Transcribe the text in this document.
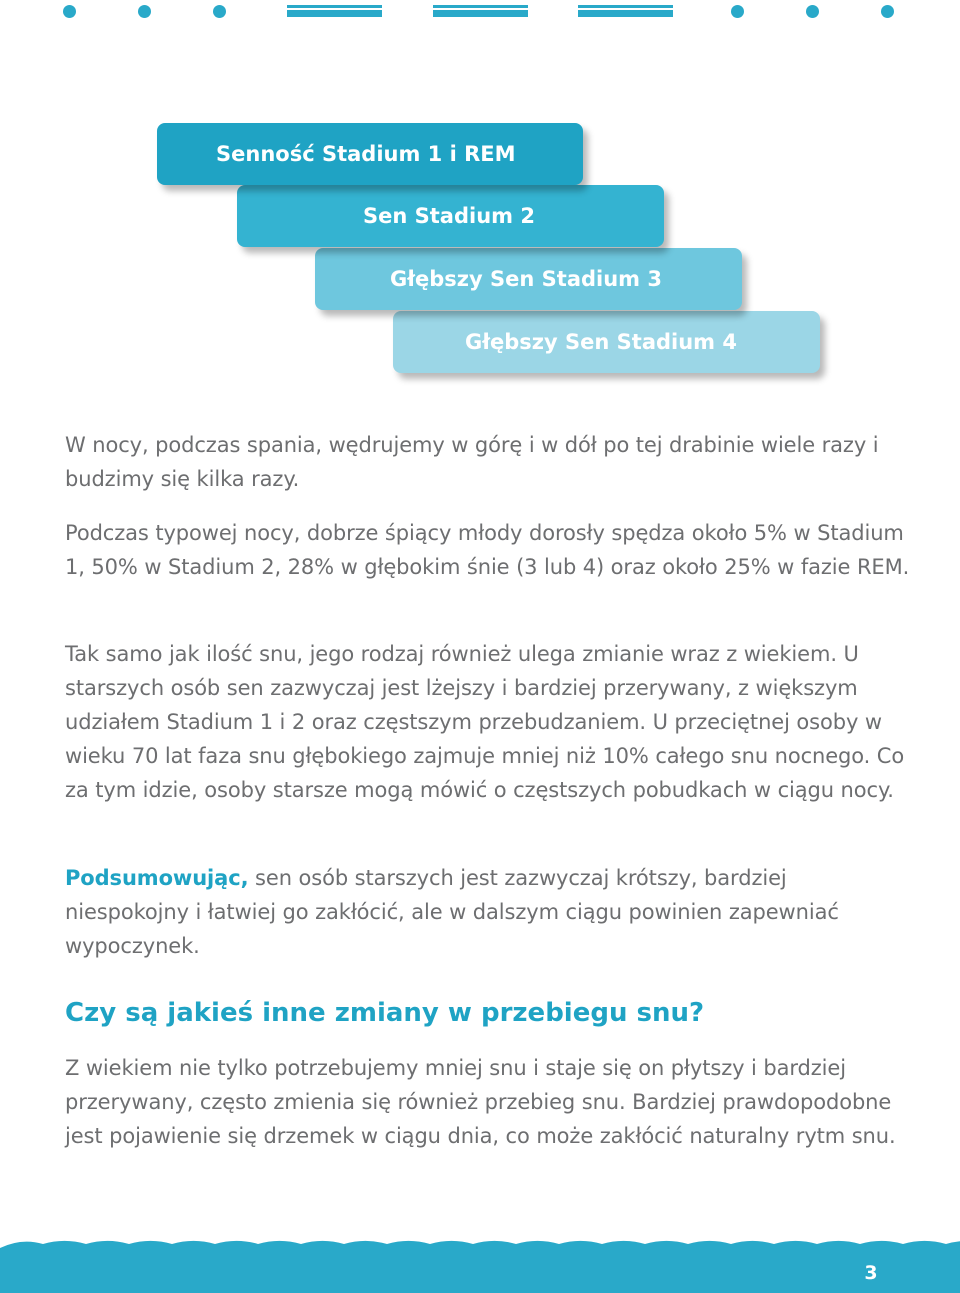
Głębszy Sen Stadium 4
Głębszy Sen Stadium 3
Sen Stadium 2
Senność Stadium 1 i REM

W nocy, podczas spania, wędrujemy w górę i w dół po tej drabinie wiele razy i budzimy się kilka razy.

Podczas typowej nocy, dobrze śpiący młody dorosły spędza około 5% w Stadium 1, 50% w Stadium 2, 28% w głębokim śnie (3 lub 4) oraz około 25% w fazie REM.

Tak samo jak ilość snu, jego rodzaj również ulega zmianie wraz z wiekiem. U starszych osób sen zazwyczaj jest lżejszy i bardziej przerywany, z większym udziałem Stadium 1 i 2 oraz częstszym przebudzaniem. U przeciętnej osoby w wieku 70 lat faza snu głębokiego zajmuje mniej niż 10% całego snu nocnego. Co za tym idzie, osoby starsze mogą mówić o częstszych pobudkach w ciągu nocy.

Podsumowując, sen osób starszych jest zazwyczaj krótszy, bardziej niespokojny i łatwiej go zakłócić, ale w dalszym ciągu powinien zapewniać wypoczynek.

Czy są jakieś inne zmiany w przebiegu snu?

Z wiekiem nie tylko potrzebujemy mniej snu i staje się on płytszy i bardziej przerywany, często zmienia się również przebieg snu. Bardziej prawdopodobne jest pojawienie się drzemek w ciągu dnia, co może zakłócić naturalny rytm snu.

3
